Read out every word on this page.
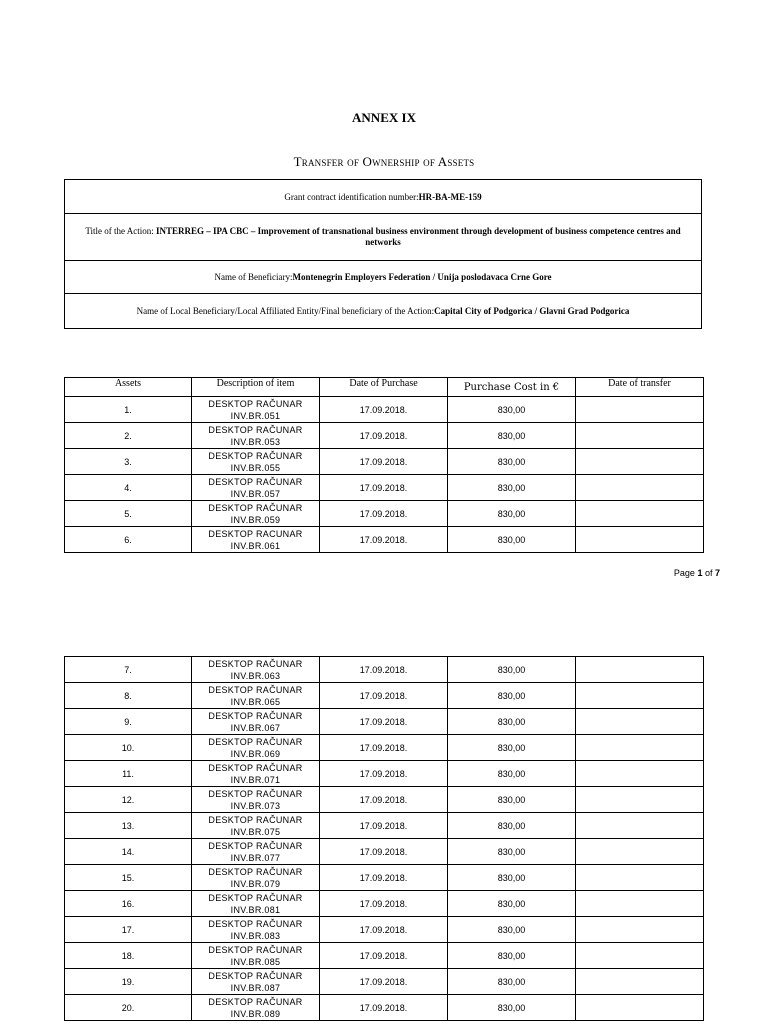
ANNEX IX
Transfer of Ownership of Assets
Grant contract identification number: HR-BA-ME-159
Title of the Action: INTERREG – IPA CBC – Improvement of transnational business environment through development of business competence centres and networks
Name of Beneficiary: Montenegrin Employers Federation / Unija poslodavaca Crne Gore
Name of Local Beneficiary/Local Affiliated Entity/Final beneficiary of the Action: Capital City of Podgorica / Glavni Grad Podgorica
Assets	Description of item	Date of Purchase	Purchase Cost in €	Date of transfer
1.	DESKTOP RAČUNAR
INV.BR.051	17.09.2018.	830,00	
2.	DESKTOP RAČUNAR
INV.BR.053	17.09.2018.	830,00	
3.	DESKTOP RAČUNAR
INV.BR.055	17.09.2018.	830,00	
4.	DESKTOP RAČUNAR
INV.BR.057	17.09.2018.	830,00	
5.	DESKTOP RAČUNAR
INV.BR.059	17.09.2018.	830,00	
6.	DESKTOP RACUNAR
INV.BR.061	17.09.2018.	830,00	
Page 1 of 7
7.	DESKTOP RAČUNAR
INV.BR.063	17.09.2018.	830,00	
8.	DESKTOP RAČUNAR
INV.BR.065	17.09.2018.	830,00	
9.	DESKTOP RAČUNAR
INV.BR.067	17.09.2018.	830,00	
10.	DESKTOP RAČUNAR
INV.BR.069	17.09.2018.	830,00	
11.	DESKTOP RAČUNAR
INV.BR.071	17.09.2018.	830,00	
12.	DESKTOP RAČUNAR
INV.BR.073	17.09.2018.	830,00	
13.	DESKTOP RAČUNAR
INV.BR.075	17.09.2018.	830,00	
14.	DESKTOP RAČUNAR
INV.BR.077	17.09.2018.	830,00	
15.	DESKTOP RAČUNAR
INV.BR.079	17.09.2018.	830,00	
16.	DESKTOP RAČUNAR
INV.BR.081	17.09.2018.	830,00	
17.	DESKTOP RAČUNAR
INV.BR.083	17.09.2018.	830,00	
18.	DESKTOP RAČUNAR
INV.BR.085	17.09.2018.	830,00	
19.	DESKTOP RAČUNAR
INV.BR.087	17.09.2018.	830,00	
20.	DESKTOP RAČUNAR
INV.BR.089	17.09.2018.	830,00	
